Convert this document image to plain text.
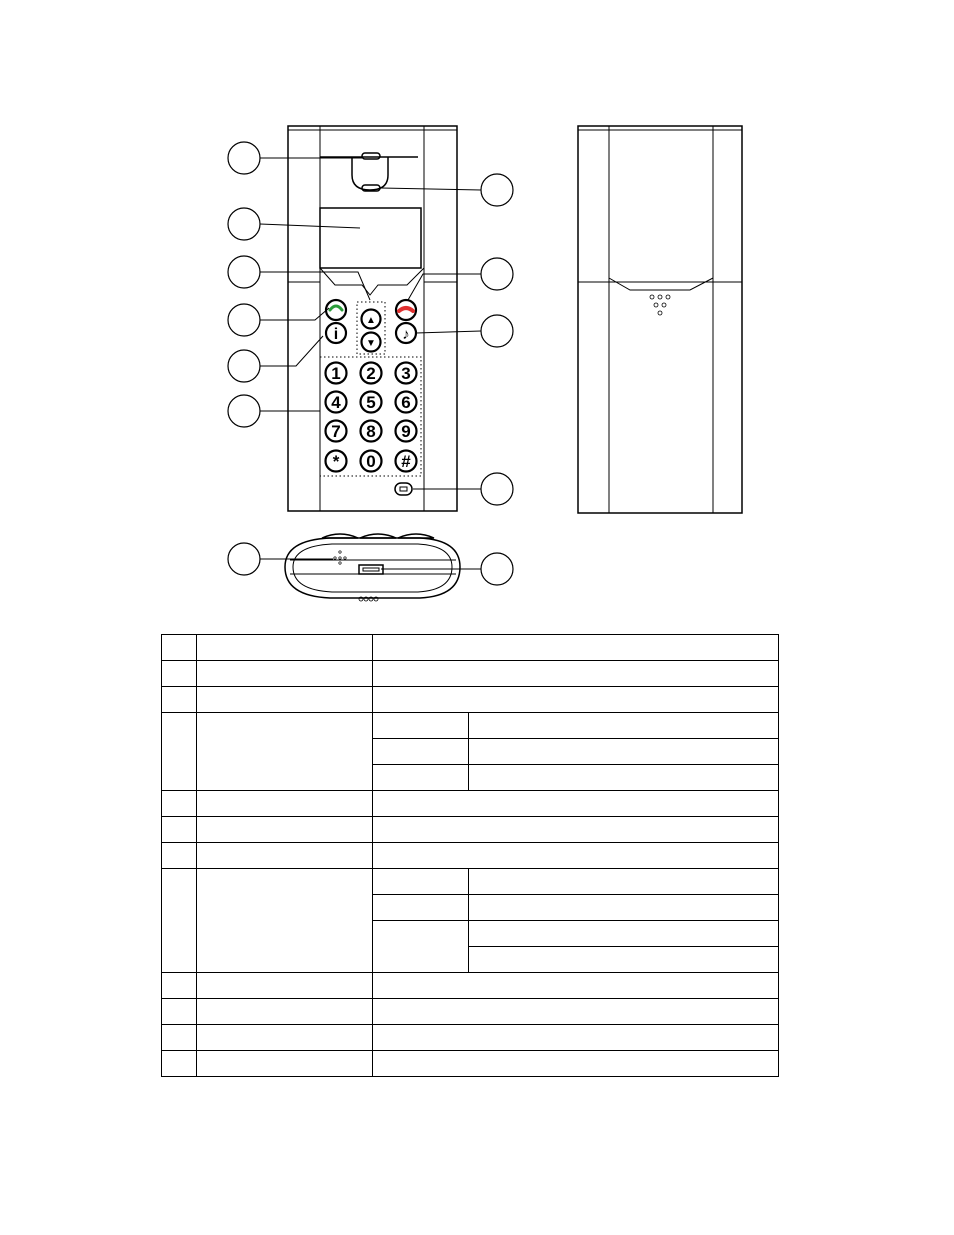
▲
▼
i	♪
1 2 3
4 5 6
7 8 9
* 0 #
